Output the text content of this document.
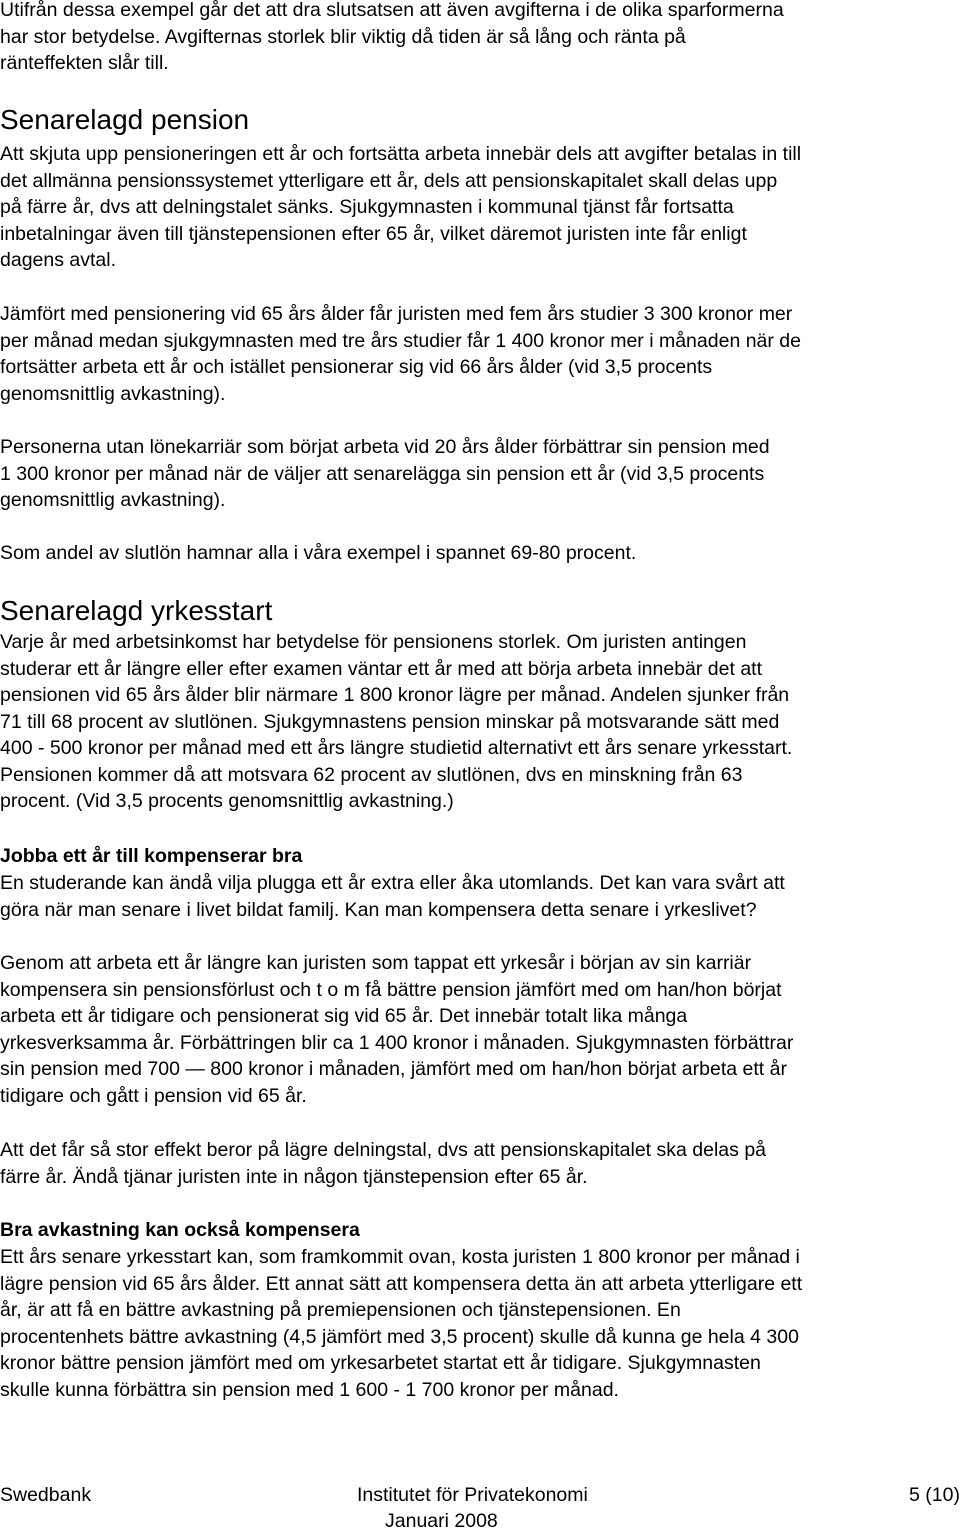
Utifrån dessa exempel går det att dra slutsatsen att även avgifterna i de olika sparformerna
har stor betydelse. Avgifternas storlek blir viktig då tiden är så lång och ränta på
ränteffekten slår till.

Senarelagd pension

Att skjuta upp pensioneringen ett år och fortsätta arbeta innebär dels att avgifter betalas in till
det allmänna pensionssystemet ytterligare ett år, dels att pensionskapitalet skall delas upp
på färre år, dvs att delningstalet sänks. Sjukgymnasten i kommunal tjänst får fortsatta
inbetalningar även till tjänstepensionen efter 65 år, vilket däremot juristen inte får enligt
dagens avtal.

Jämfört med pensionering vid 65 års ålder får juristen med fem års studier 3 300 kronor mer
per månad medan sjukgymnasten med tre års studier får 1 400 kronor mer i månaden när de
fortsätter arbeta ett år och istället pensionerar sig vid 66 års ålder (vid 3,5 procents
genomsnittlig avkastning).

Personerna utan lönekarriär som börjat arbeta vid 20 års ålder förbättrar sin pension med
1 300 kronor per månad när de väljer att senarelägga sin pension ett år (vid 3,5 procents
genomsnittlig avkastning).

Som andel av slutlön hamnar alla i våra exempel i spannet 69-80 procent.

Senarelagd yrkesstart

Varje år med arbetsinkomst har betydelse för pensionens storlek. Om juristen antingen
studerar ett år längre eller efter examen väntar ett år med att börja arbeta innebär det att
pensionen vid 65 års ålder blir närmare 1 800 kronor lägre per månad. Andelen sjunker från
71 till 68 procent av slutlönen. Sjukgymnastens pension minskar på motsvarande sätt med
400 - 500 kronor per månad med ett års längre studietid alternativt ett års senare yrkesstart.
Pensionen kommer då att motsvara 62 procent av slutlönen, dvs en minskning från 63
procent. (Vid 3,5 procents genomsnittlig avkastning.)

Jobba ett år till kompenserar bra

En studerande kan ändå vilja plugga ett år extra eller åka utomlands. Det kan vara svårt att
göra när man senare i livet bildat familj. Kan man kompensera detta senare i yrkeslivet?

Genom att arbeta ett år längre kan juristen som tappat ett yrkesår i början av sin karriär
kompensera sin pensionsförlust och t o m få bättre pension jämfört med om han/hon börjat
arbeta ett år tidigare och pensionerat sig vid 65 år. Det innebär totalt lika många
yrkesverksamma år. Förbättringen blir ca 1 400 kronor i månaden. Sjukgymnasten förbättrar
sin pension med 700 — 800 kronor i månaden, jämfört med om han/hon börjat arbeta ett år
tidigare och gått i pension vid 65 år.

Att det får så stor effekt beror på lägre delningstal, dvs att pensionskapitalet ska delas på
färre år. Ändå tjänar juristen inte in någon tjänstepension efter 65 år.

Bra avkastning kan också kompensera

Ett års senare yrkesstart kan, som framkommit ovan, kosta juristen 1 800 kronor per månad i
lägre pension vid 65 års ålder. Ett annat sätt att kompensera detta än att arbeta ytterligare ett
år, är att få en bättre avkastning på premiepensionen och tjänstepensionen. En
procentenhets bättre avkastning (4,5 jämfört med 3,5 procent) skulle då kunna ge hela 4 300
kronor bättre pension jämfört med om yrkesarbetet startat ett år tidigare. Sjukgymnasten
skulle kunna förbättra sin pension med 1 600 - 1 700 kronor per månad.

Swedbank	Institutet för Privatekonomi
Januari 2008
5 (10)
